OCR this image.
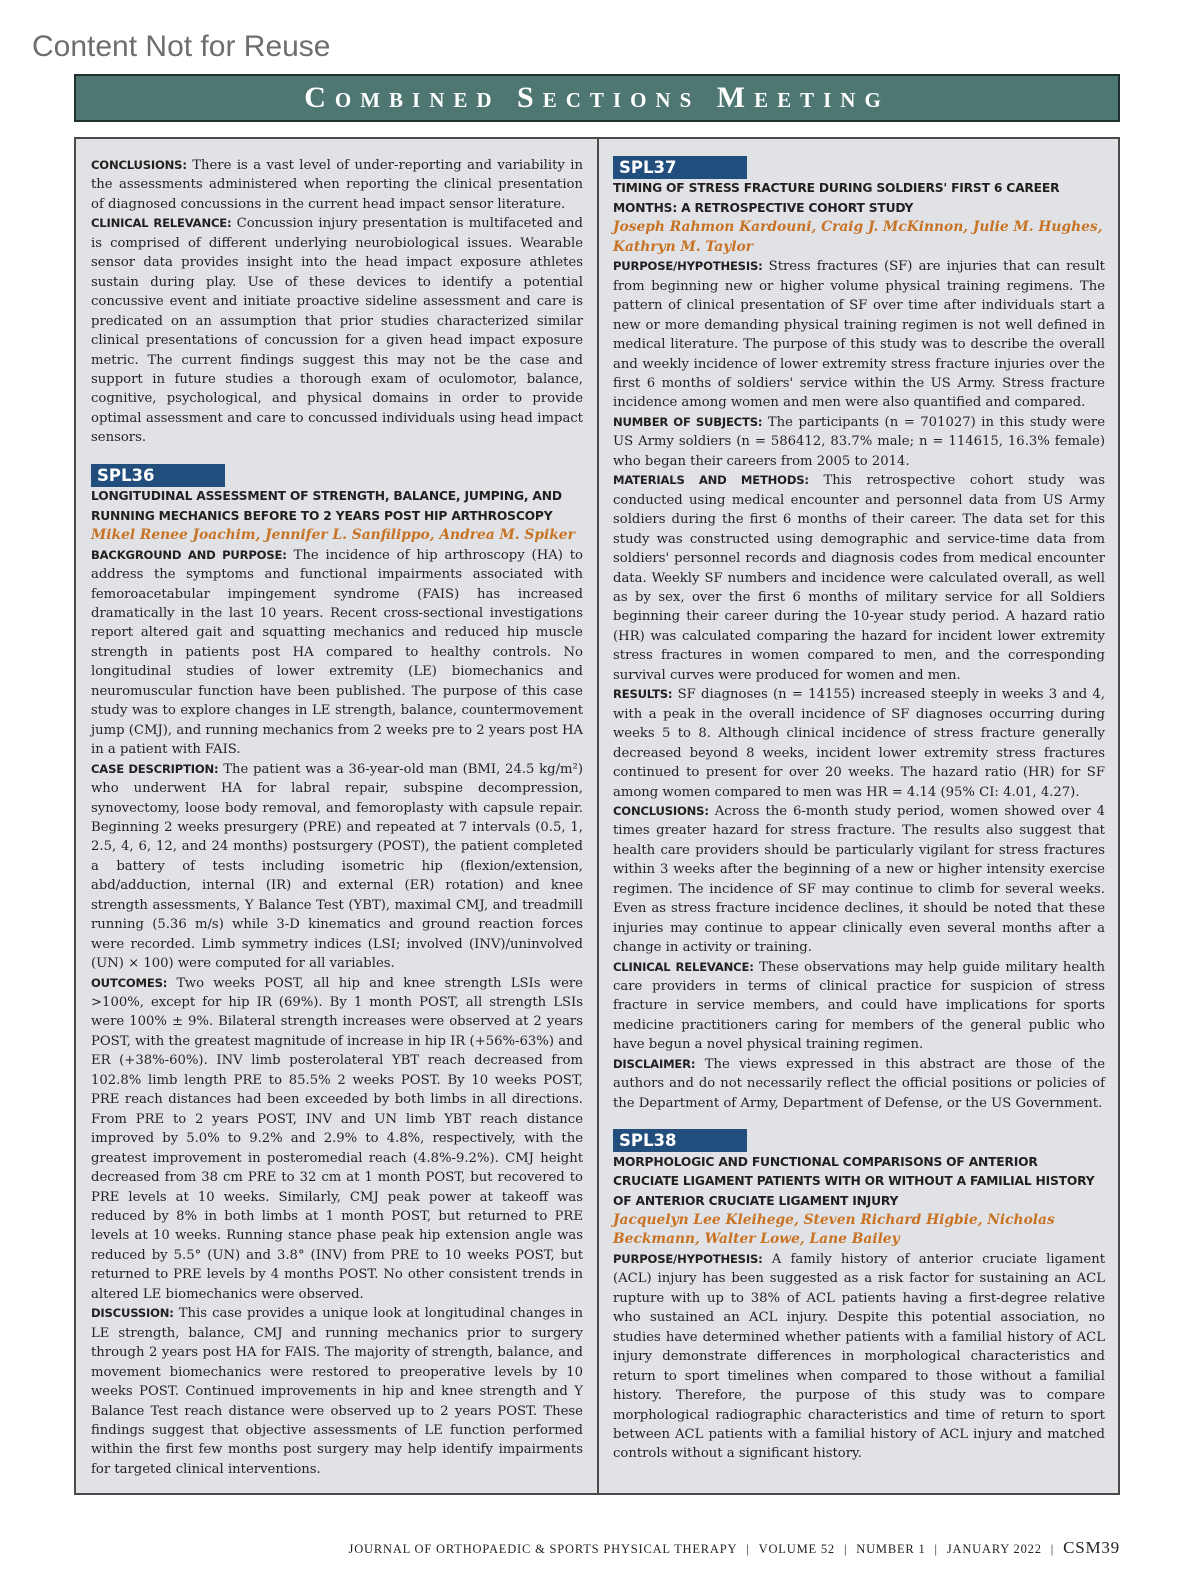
Content Not for Reuse
Combined Sections Meeting

CONCLUSIONS: There is a vast level of under-reporting and variability in the assessments administered when reporting the clinical presentation of diagnosed concussions in the current head impact sensor literature.

CLINICAL RELEVANCE: Concussion injury presentation is multifaceted and is comprised of different underlying neurobiological issues. Wearable sensor data provides insight into the head impact exposure athletes sustain during play. Use of these devices to identify a potential concussive event and initiate proactive sideline assessment and care is predicated on an assumption that prior studies characterized similar clinical presentations of concussion for a given head impact exposure metric. The current findings suggest this may not be the case and support in future studies a thorough exam of oculomotor, balance, cognitive, psychological, and physical domains in order to provide optimal assessment and care to concussed individuals using head impact sensors.

SPL36
LONGITUDINAL ASSESSMENT OF STRENGTH, BALANCE, JUMPING, AND RUNNING MECHANICS BEFORE TO 2 YEARS POST HIP ARTHROSCOPY
Mikel Renee Joachim, Jennifer L. Sanfilippo, Andrea M. Spiker

BACKGROUND AND PURPOSE: The incidence of hip arthroscopy (HA) to address the symptoms and functional impairments associated with femoroacetabular impingement syndrome (FAIS) has increased dramatically in the last 10 years. Recent cross-sectional investigations report altered gait and squatting mechanics and reduced hip muscle strength in patients post HA compared to healthy controls. No longitudinal studies of lower extremity (LE) biomechanics and neuromuscular function have been published. The purpose of this case study was to explore changes in LE strength, balance, countermovement jump (CMJ), and running mechanics from 2 weeks pre to 2 years post HA in a patient with FAIS.

CASE DESCRIPTION: The patient was a 36-year-old man (BMI, 24.5 kg/m²) who underwent HA for labral repair, subspine decompression, synovectomy, loose body removal, and femoroplasty with capsule repair. Beginning 2 weeks presurgery (PRE) and repeated at 7 intervals (0.5, 1, 2.5, 4, 6, 12, and 24 months) postsurgery (POST), the patient completed a battery of tests including isometric hip (flexion/extension, abd/adduction, internal (IR) and external (ER) rotation) and knee strength assessments, Y Balance Test (YBT), maximal CMJ, and treadmill running (5.36 m/s) while 3-D kinematics and ground reaction forces were recorded. Limb symmetry indices (LSI; involved (INV)/uninvolved (UN) × 100) were computed for all variables.

OUTCOMES: Two weeks POST, all hip and knee strength LSIs were >100%, except for hip IR (69%). By 1 month POST, all strength LSIs were 100% ± 9%. Bilateral strength increases were observed at 2 years POST, with the greatest magnitude of increase in hip IR (+56%-63%) and ER (+38%-60%). INV limb posterolateral YBT reach decreased from 102.8% limb length PRE to 85.5% 2 weeks POST. By 10 weeks POST, PRE reach distances had been exceeded by both limbs in all directions. From PRE to 2 years POST, INV and UN limb YBT reach distance improved by 5.0% to 9.2% and 2.9% to 4.8%, respectively, with the greatest improvement in posteromedial reach (4.8%-9.2%). CMJ height decreased from 38 cm PRE to 32 cm at 1 month POST, but recovered to PRE levels at 10 weeks. Similarly, CMJ peak power at takeoff was reduced by 8% in both limbs at 1 month POST, but returned to PRE levels at 10 weeks. Running stance phase peak hip extension angle was reduced by 5.5° (UN) and 3.8° (INV) from PRE to 10 weeks POST, but returned to PRE levels by 4 months POST. No other consistent trends in altered LE biomechanics were observed.

DISCUSSION: This case provides a unique look at longitudinal changes in LE strength, balance, CMJ and running mechanics prior to surgery through 2 years post HA for FAIS. The majority of strength, balance, and movement biomechanics were restored to preoperative levels by 10 weeks POST. Continued improvements in hip and knee strength and Y Balance Test reach distance were observed up to 2 years POST. These findings suggest that objective assessments of LE function performed within the first few months post surgery may help identify impairments for targeted clinical interventions.

SPL37
TIMING OF STRESS FRACTURE DURING SOLDIERS' FIRST 6 CAREER MONTHS: A RETROSPECTIVE COHORT STUDY
Joseph Rahmon Kardouni, Craig J. McKinnon, Julie M. Hughes, Kathryn M. Taylor

PURPOSE/HYPOTHESIS: Stress fractures (SF) are injuries that can result from beginning new or higher volume physical training regimens. The pattern of clinical presentation of SF over time after individuals start a new or more demanding physical training regimen is not well defined in medical literature. The purpose of this study was to describe the overall and weekly incidence of lower extremity stress fracture injuries over the first 6 months of soldiers' service within the US Army. Stress fracture incidence among women and men were also quantified and compared.

NUMBER OF SUBJECTS: The participants (n = 701027) in this study were US Army soldiers (n = 586412, 83.7% male; n = 114615, 16.3% female) who began their careers from 2005 to 2014.

MATERIALS AND METHODS: This retrospective cohort study was conducted using medical encounter and personnel data from US Army soldiers during the first 6 months of their career. The data set for this study was constructed using demographic and service-time data from soldiers' personnel records and diagnosis codes from medical encounter data. Weekly SF numbers and incidence were calculated overall, as well as by sex, over the first 6 months of military service for all Soldiers beginning their career during the 10-year study period. A hazard ratio (HR) was calculated comparing the hazard for incident lower extremity stress fractures in women compared to men, and the corresponding survival curves were produced for women and men.

RESULTS: SF diagnoses (n = 14155) increased steeply in weeks 3 and 4, with a peak in the overall incidence of SF diagnoses occurring during weeks 5 to 8. Although clinical incidence of stress fracture generally decreased beyond 8 weeks, incident lower extremity stress fractures continued to present for over 20 weeks. The hazard ratio (HR) for SF among women compared to men was HR = 4.14 (95% CI: 4.01, 4.27).

CONCLUSIONS: Across the 6-month study period, women showed over 4 times greater hazard for stress fracture. The results also suggest that health care providers should be particularly vigilant for stress fractures within 3 weeks after the beginning of a new or higher intensity exercise regimen. The incidence of SF may continue to climb for several weeks. Even as stress fracture incidence declines, it should be noted that these injuries may continue to appear clinically even several months after a change in activity or training.

CLINICAL RELEVANCE: These observations may help guide military health care providers in terms of clinical practice for suspicion of stress fracture in service members, and could have implications for sports medicine practitioners caring for members of the general public who have begun a novel physical training regimen.

DISCLAIMER: The views expressed in this abstract are those of the authors and do not necessarily reflect the official positions or policies of the Department of Army, Department of Defense, or the US Government.

SPL38
MORPHOLOGIC AND FUNCTIONAL COMPARISONS OF ANTERIOR CRUCIATE LIGAMENT PATIENTS WITH OR WITHOUT A FAMILIAL HISTORY OF ANTERIOR CRUCIATE LIGAMENT INJURY
Jacquelyn Lee Kleihege, Steven Richard Higbie, Nicholas Beckmann, Walter Lowe, Lane Bailey

PURPOSE/HYPOTHESIS: A family history of anterior cruciate ligament (ACL) injury has been suggested as a risk factor for sustaining an ACL rupture with up to 38% of ACL patients having a first-degree relative who sustained an ACL injury. Despite this potential association, no studies have determined whether patients with a familial history of ACL injury demonstrate differences in morphological characteristics and return to sport timelines when compared to those without a familial history. Therefore, the purpose of this study was to compare morphological radiographic characteristics and time of return to sport between ACL patients with a familial history of ACL injury and matched controls without a significant history.

JOURNAL OF ORTHOPAEDIC & SPORTS PHYSICAL THERAPY | VOLUME 52 | NUMBER 1 | JANUARY 2022 | CSM39
